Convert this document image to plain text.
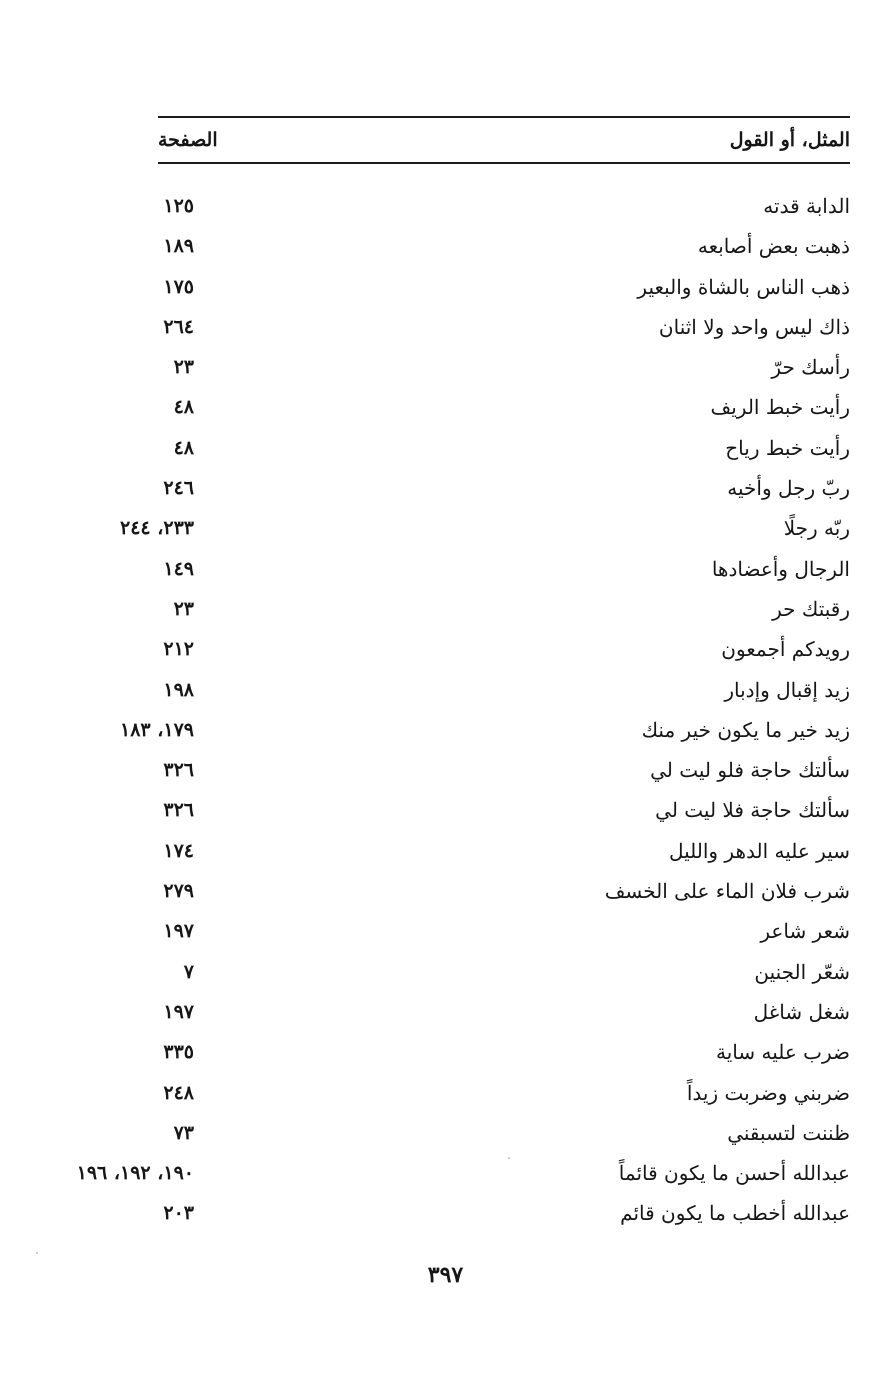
المثل، أو القول
الصفحة
الدابة قدته
١٢٥
ذهبت بعض أصابعه
١٨٩
ذهب الناس بالشاة والبعير
١٧٥
ذاك ليس واحد ولا اثنان
٢٦٤
رأسك حرّ
٢٣
رأيت خبط الريف
٤٨
رأيت خبط رياح
٤٨
ربّ رجل وأخيه
٢٤٦
ربّه رجلًا
٢٣٣، ٢٤٤
الرجال وأعضادها
١٤٩
رقبتك حر
٢٣
رويدكم أجمعون
٢١٢
زيد إقبال وإدبار
١٩٨
زيد خير ما يكون خير منك
١٧٩، ١٨٣
سألتك حاجة فلو ليت لي
٣٢٦
سألتك حاجة فلا ليت لي
٣٢٦
سير عليه الدهر والليل
١٧٤
شرب فلان الماء على الخسف
٢٧٩
شعر شاعر
١٩٧
شعّر الجنين
٧
شغل شاغل
١٩٧
ضرب عليه ساية
٣٣٥
ضربني وضربت زيداً
٢٤٨
ظننت لتسبقني
٧٣
عبدالله أحسن ما يكون قائماً
١٩٠، ١٩٢، ١٩٦
عبدالله أخطب ما يكون قائم
٢٠٣
٣٩٧
